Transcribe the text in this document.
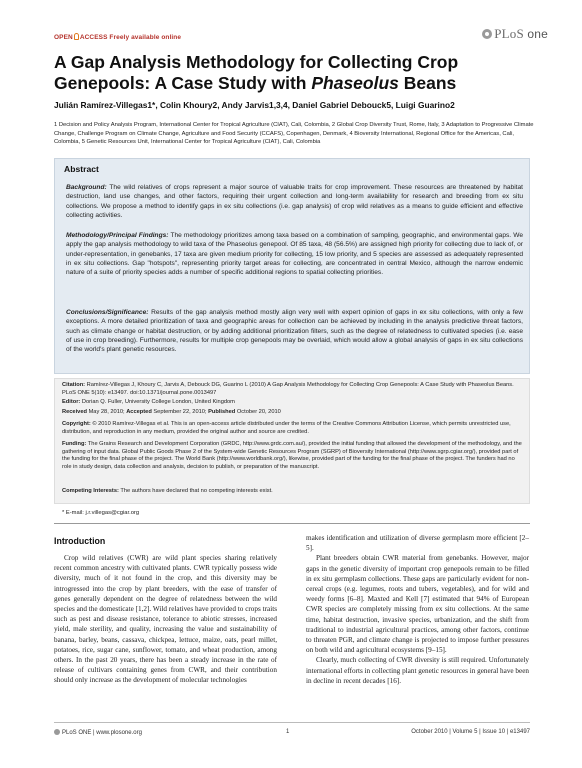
OPEN ACCESS Freely available online	PLoS one
A Gap Analysis Methodology for Collecting Crop
Genepools: A Case Study with Phaseolus Beans
Julián Ramírez-Villegas1*, Colin Khoury2, Andy Jarvis1,3,4, Daniel Gabriel Debouck5, Luigi Guarino2
1 Decision and Policy Analysis Program, International Center for Tropical Agriculture (CIAT), Cali, Colombia, 2 Global Crop Diversity Trust, Rome, Italy, 3 Adaptation to Progressive Climate Change, Challenge Program on Climate Change, Agriculture and Food Security (CCAFS), Copenhagen, Denmark, 4 Bioversity International, Regional Office for the Americas, Cali, Colombia, 5 Genetic Resources Unit, International Center for Tropical Agriculture (CIAT), Cali, Colombia
Abstract
Background: The wild relatives of crops represent a major source of valuable traits for crop improvement. These resources are threatened by habitat destruction, land use changes, and other factors, requiring their urgent collection and long-term availability for research and breeding from ex situ collections. We propose a method to identify gaps in ex situ collections (i.e. gap analysis) of crop wild relatives as a means to guide efficient and effective collecting activities.
Methodology/Principal Findings: The methodology prioritizes among taxa based on a combination of sampling, geographic, and environmental gaps. We apply the gap analysis methodology to wild taxa of the Phaseolus genepool. Of 85 taxa, 48 (56.5%) are assigned high priority for collecting due to lack of, or under-representation, in genebanks, 17 taxa are given medium priority for collecting, 15 low priority, and 5 species are assessed as adequately represented in ex situ collections. Gap "hotspots", representing priority target areas for collecting, are concentrated in central Mexico, although the narrow endemic nature of a suite of priority species adds a number of specific additional regions to spatial collecting priorities.
Conclusions/Significance: Results of the gap analysis method mostly align very well with expert opinion of gaps in ex situ collections, with only a few exceptions. A more detailed prioritization of taxa and geographic areas for collection can be achieved by including in the analysis predictive threat factors, such as climate change or habitat destruction, or by adding additional prioritization filters, such as the degree of relatedness to cultivated species (i.e. ease of use in crop breeding). Furthermore, results for multiple crop genepools may be overlaid, which would allow a global analysis of gaps in ex situ collections of the world's plant genetic resources.
Citation: Ramírez-Villegas J, Khoury C, Jarvis A, Debouck DG, Guarino L (2010) A Gap Analysis Methodology for Collecting Crop Genepools: A Case Study with Phaseolus Beans. PLoS ONE 5(10): e13497. doi:10.1371/journal.pone.0013497
Editor: Dorian Q. Fuller, University College London, United Kingdom
Received May 28, 2010; Accepted September 22, 2010; Published October 20, 2010
Copyright: © 2010 Ramírez-Villegas et al. This is an open-access article distributed under the terms of the Creative Commons Attribution License, which permits unrestricted use, distribution, and reproduction in any medium, provided the original author and source are credited.
Funding: The Grains Research and Development Corporation (GRDC, http://www.grdc.com.au/), provided the initial funding that allowed the development of the methodology, and the gathering of input data. Global Public Goods Phase 2 of the System-wide Genetic Resources Program (SGRP) of Bioversity International (http://www.sgrp.cgiar.org/), provided part of the funding for the final phase of the project. The World Bank (http://www.worldbank.org/), likewise, provided part of the funding for the final phase of the project. The funders had no role in study design, data collection and analysis, decision to publish, or preparation of the manuscript.
Competing Interests: The authors have declared that no competing interests exist.
* E-mail: j.r.villegas@cgiar.org
Introduction

Crop wild relatives (CWR) are wild plant species sharing relatively recent common ancestry with cultivated plants. CWR typically possess wide diversity, much of it not found in the crop, and this diversity may be introgressed into the crop by plant breeders, with the ease of transfer of genes generally dependent on the degree of relatedness between the wild species and the domesticate [1,2]. Wild relatives have provided to crops traits such as pest and disease resistance, tolerance to abiotic stresses, increased yield, male sterility, and quality, increasing the value and sustainability of banana, barley, beans, cassava, chickpea, lettuce, maize, oats, pearl millet, potatoes, rice, sugar cane, sunflower, tomato, and wheat production, among others. In the past 20 years, there has been a steady increase in the rate of release of cultivars containing genes from CWR, and their contribution should only increase as the development of molecular technologies

makes identification and utilization of diverse germplasm more efficient [2–5].

Plant breeders obtain CWR material from genebanks. However, major gaps in the genetic diversity of important crop genepools remain to be filled in ex situ germplasm collections. These gaps are particularly evident for non-cereal crops (e.g. legumes, roots and tubers, vegetables), and for wild and weedy forms [6–8]. Maxted and Kell [7] estimated that 94% of European CWR species are completely missing from ex situ collections. At the same time, habitat destruction, invasive species, urbanization, and the shift from traditional to industrial agricultural practices, among other factors, continue to threaten PGR, and climate change is projected to impose further pressures on both wild and agricultural ecosystems [9–15].

Clearly, much collecting of CWR diversity is still required. Unfortunately international efforts in collecting plant genetic resources in general have been in decline in recent decades [16].

PLoS ONE | www.plosone.org	1	October 2010 | Volume 5 | Issue 10 | e13497
